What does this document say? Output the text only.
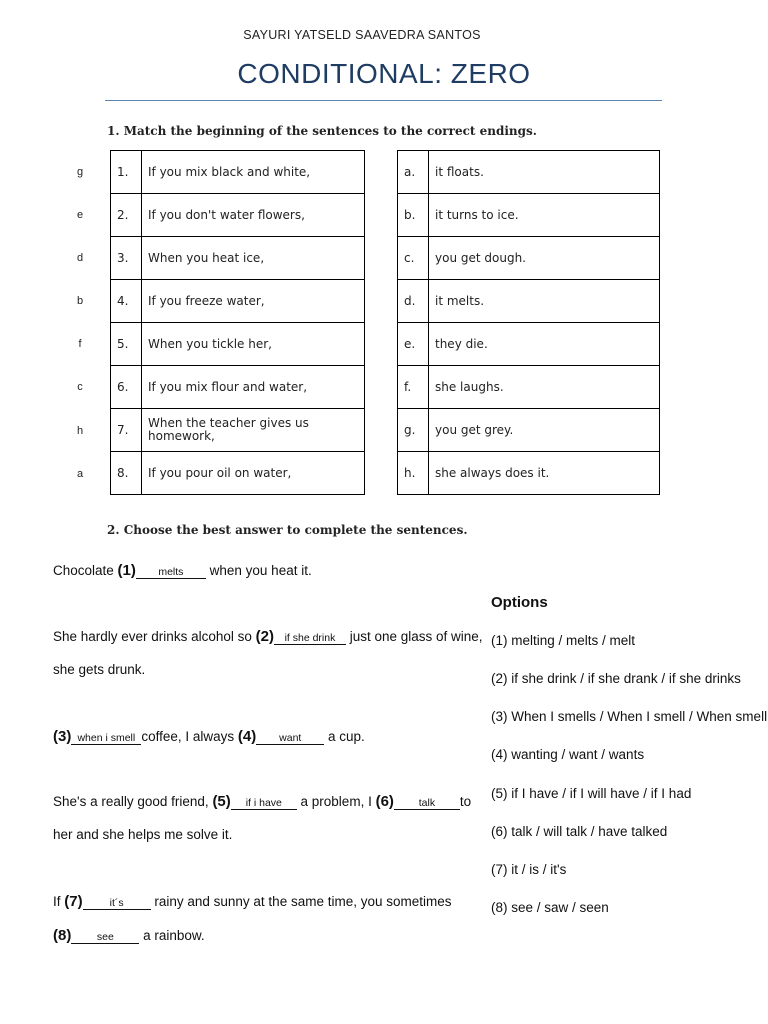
SAYURI YATSELD SAAVEDRA SANTOS
CONDITIONAL: ZERO
1. Match the beginning of the sentences to the correct endings.
g
e
d
b
f
c
h
a
1.	If you mix black and white,
2.	If you don't water flowers,
3.	When you heat ice,
4.	If you freeze water,
5.	When you tickle her,
6.	If you mix flour and water,
7.	When the teacher gives us homework,
8.	If you pour oil on water,
a.	it floats.
b.	it turns to ice.
c.	you get dough.
d.	it melts.
e.	they die.
f.	she laughs.
g.	you get grey.
h.	she always does it.
2. Choose the best answer to complete the sentences.
Chocolate (1) melts when you heat it.
She hardly ever drinks alcohol so (2) if she drink just one glass of wine,
she gets drunk.
(3) when i smell coffee, I always (4) want a cup.
She's a really good friend, (5) if i have a problem, I (6) talk to
her and she helps me solve it.
If (7)	it´s rainy and sunny at the same time, you sometimes
(8) see a rainbow.
Options
(1) melting / melts / melt
(2) if she drink / if she drank / if she drinks
(3) When I smells / When I smell / When smell
(4) wanting / want / wants
(5) if I have / if I will have / if I had
(6) talk / will talk / have talked
(7) it / is / it's
(8) see / saw / seen
